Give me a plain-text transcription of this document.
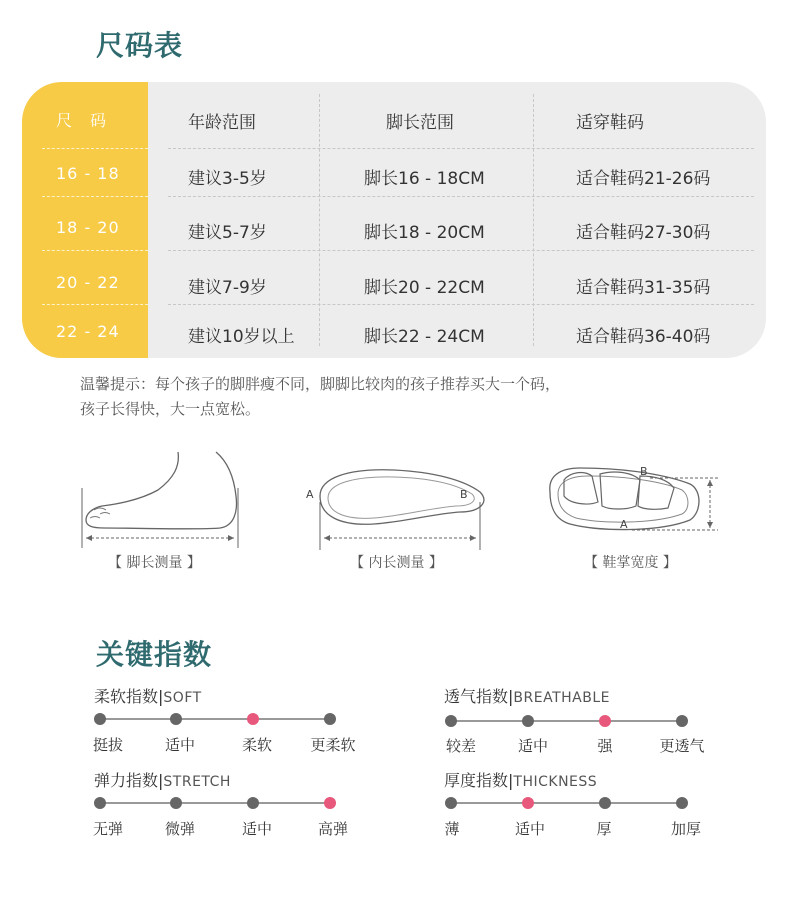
尺码表
尺　码	年龄范围	脚长范围	适穿鞋码
16 - 18	建议3-5岁	脚长16 - 18CM	适合鞋码21-26码
18 - 20	建议5-7岁	脚长18 - 20CM	适合鞋码27-30码
20 - 22	建议7-9岁	脚长20 - 22CM	适合鞋码31-35码
22 - 24	建议10岁以上	脚长22 - 24CM	适合鞋码36-40码
温馨提示：每个孩子的脚胖瘦不同，脚脚比较肉的孩子推荐买大一个码，
孩子长得快，大一点宽松。
【 脚长测量 】
A	B
【 内长测量 】
B
A
【 鞋掌宽度 】
关键指数
柔软指数|SOFT
挺拔	适中	柔软	更柔软
透气指数|BREATHABLE
较差	适中	强	更透气
弹力指数|STRETCH
无弹	微弹	适中	高弹
厚度指数|THICKNESS
薄	适中	厚	加厚
